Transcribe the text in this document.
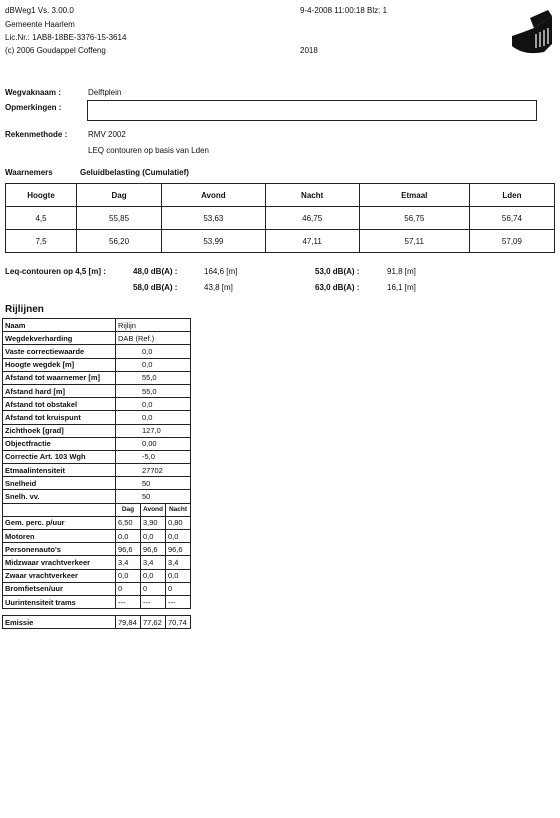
dBWeg1 Vs. 3.00.0
Gemeente Haarlem
Lic.Nr.: 1AB8-18BE-3376-15-3614
(c) 2006 Goudappel Coffeng
9-4-2008 11:00:18 Blz: 1
2018
Wegvaknaam :	Delftplein
Opmerkingen :
Rekenmethode :	RMV 2002
LEQ contouren op basis van Lden
Waarnemers	Geluidbelasting (Cumulatief)
Hoogte	Dag	Avond	Nacht	Etmaal	Lden
4,5	55,85	53,63	46,75	56,75	56,74
7,5	56,20	53,99	47,11	57,11	57,09
Leq-contouren op 4,5 [m] :	48,0 dB(A) :	164,6 [m]	53,0 dB(A) :	91,8 [m]
58,0 dB(A) :	43,8 [m]	63,0 dB(A) :	16,1 [m]
Rijlijnen
Naam	Rijlijn		
Wegdekverharding	DAB (Ref.)		
Vaste correctiewaarde	0,0		
Hoogte wegdek [m]	0,0		
Afstand tot waarnemer [m]	55,0		
Afstand hard [m]	55,0		
Afstand tot obstakel	0,0		
Afstand tot kruispunt	0,0		
Zichthoek [grad]	127,0		
Objectfractie	0,00		
Correctie Art. 103 Wgh	-5,0		
Etmaalintensiteit	27702		
Snelheid	50		
Snelh. vv.	50		
	Dag	Avond	Nacht
Gem. perc. p/uur	6,50	3,90	0,80
Motoren	0,0	0,0	0,0
Personenauto's	96,6	96,6	96,6
Midzwaar vrachtverkeer	3,4	3,4	3,4
Zwaar vrachtverkeer	0,0	0,0	0,0
Bromfietsen/uur	0	0	0
Uurintensiteit trams	---	---	---

Emissie	79,84	77,62	70,74
